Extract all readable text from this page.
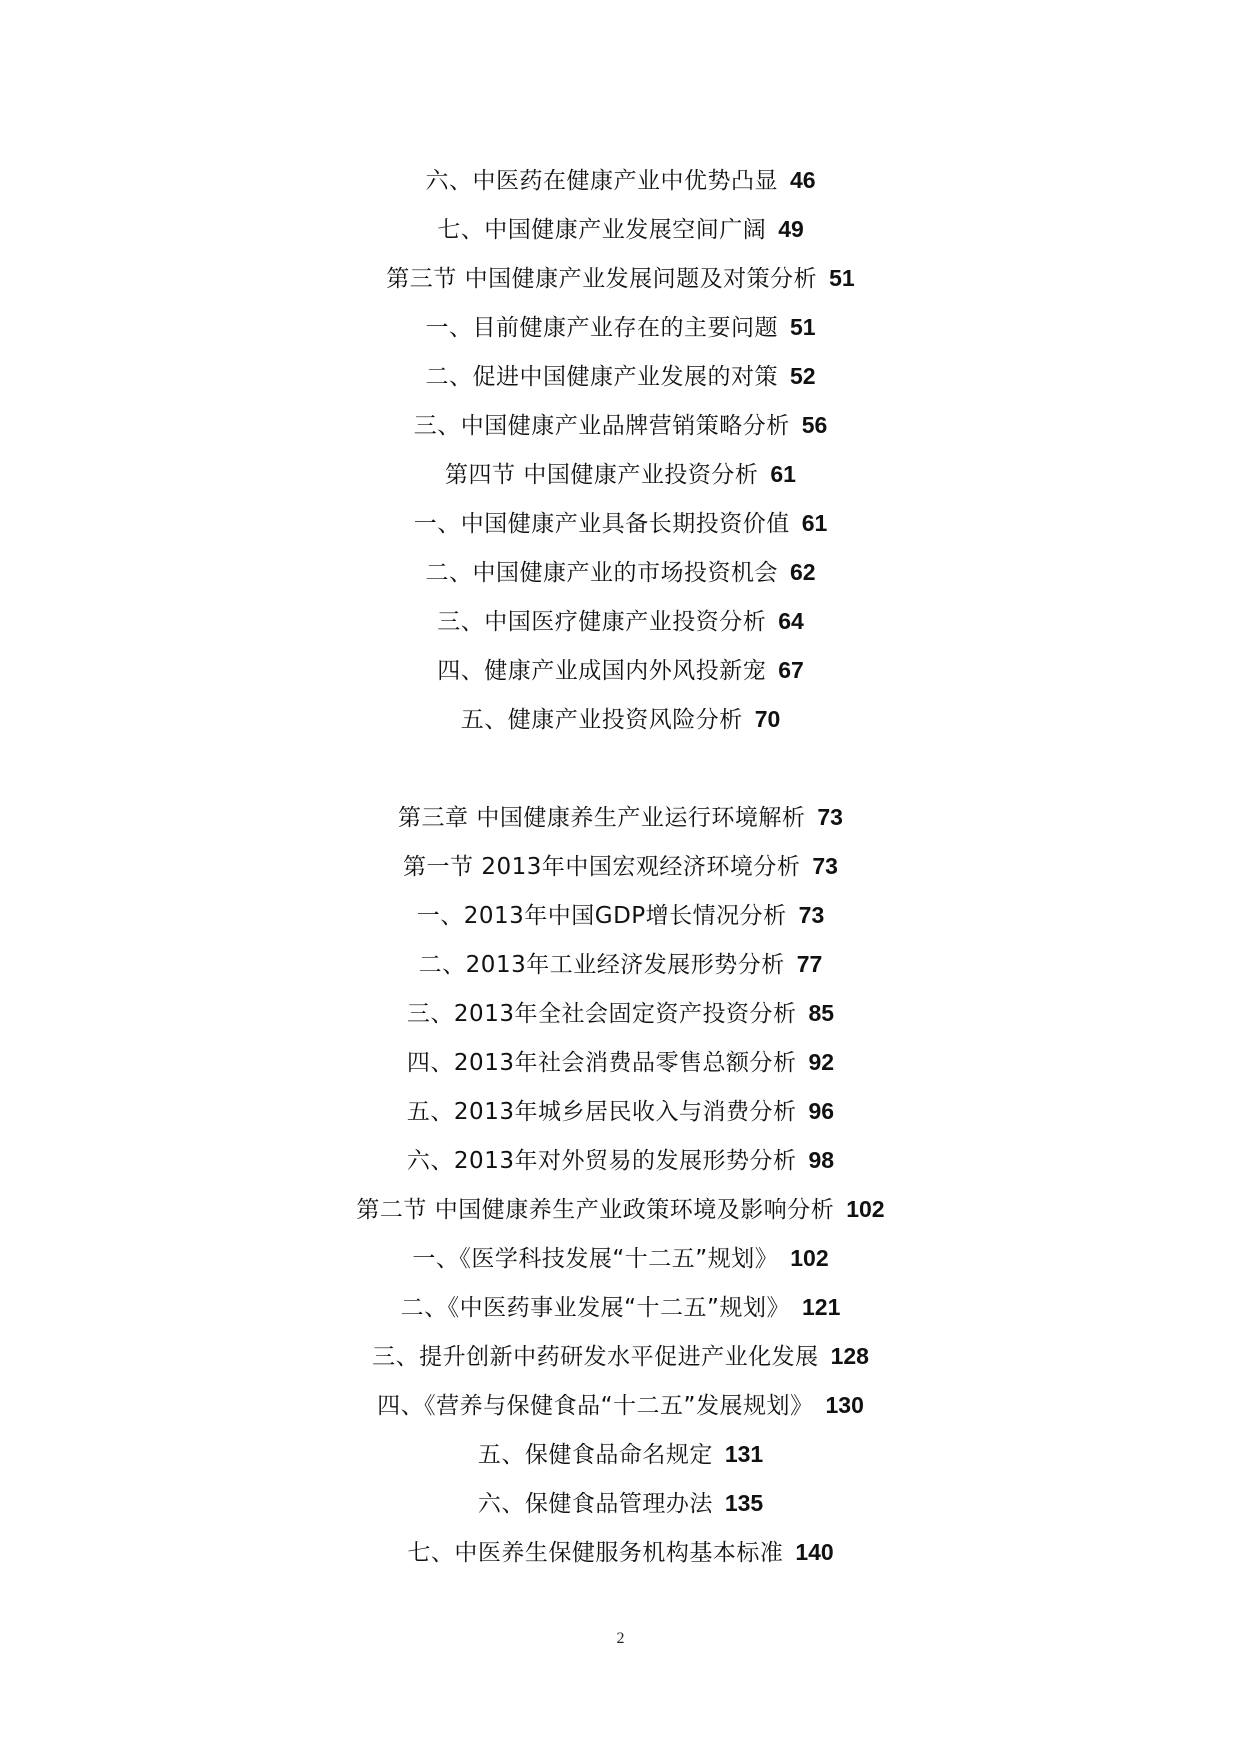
六、中医药在健康产业中优势凸显 46
七、中国健康产业发展空间广阔 49
第三节 中国健康产业发展问题及对策分析 51
一、目前健康产业存在的主要问题 51
二、促进中国健康产业发展的对策 52
三、中国健康产业品牌营销策略分析 56
第四节 中国健康产业投资分析 61
一、中国健康产业具备长期投资价值 61
二、中国健康产业的市场投资机会 62
三、中国医疗健康产业投资分析 64
四、健康产业成国内外风投新宠 67
五、健康产业投资风险分析 70
第三章 中国健康养生产业运行环境解析 73
第一节 2013年中国宏观经济环境分析 73
一、2013年中国GDP增长情况分析 73
二、2013年工业经济发展形势分析 77
三、2013年全社会固定资产投资分析 85
四、2013年社会消费品零售总额分析 92
五、2013年城乡居民收入与消费分析 96
六、2013年对外贸易的发展形势分析 98
第二节 中国健康养生产业政策环境及影响分析 102
一、《医学科技发展“十二五”规划》 102
二、《中医药事业发展“十二五”规划》 121
三、提升创新中药研发水平促进产业化发展 128
四、《营养与保健食品“十二五”发展规划》 130
五、保健食品命名规定 131
六、保健食品管理办法 135
七、中医养生保健服务机构基本标准 140
2
